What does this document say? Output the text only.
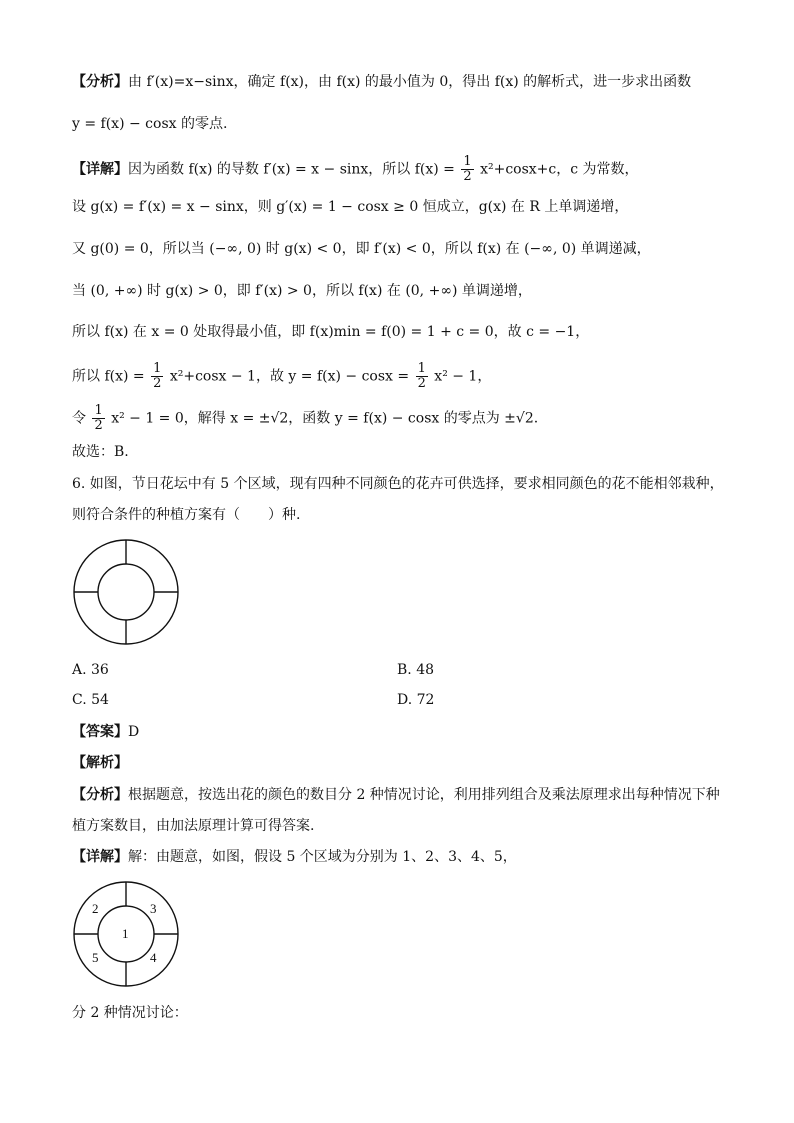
【分析】由 f′(x)=x−sinx，确定 f(x)，由 f(x) 的最小值为 0，得出 f(x) 的解析式，进一步求出函数
y = f(x) − cosx 的零点.
【详解】因为函数 f(x) 的导数 f′(x) = x − sinx，所以 $f(x) = \frac{1}{2} x^2+\cos x+c$，c 为常数，
设 g(x) = f′(x) = x − sinx，则 g′(x) = 1 − cosx ≥ 0 恒成立，g(x) 在 R 上单调递增，
又 g(0) = 0，所以当 (−∞, 0) 时 g(x) < 0，即 f′(x) < 0，所以 f(x) 在 (−∞, 0) 单调递减，
当 (0, +∞) 时 g(x) > 0，即 f′(x) > 0，所以 f(x) 在 (0, +∞) 单调递增，
所以 f(x) 在 x = 0 处取得最小值，即 f(x)min = f(0) = 1 + c = 0，故 c = −1，
所以 $f(x) = \frac{1}{2} x^2+\cos x - 1$，故 $y = f(x) - \cos x = \frac{1}{2} x^2 - 1$，
令 $\frac{1}{2} x^2 - 1 = 0$，解得 x = ±√2，函数 y = f(x) − cosx 的零点为 ±√2.
故选：B.
6. 如图，节日花坛中有 5 个区域，现有四种不同颜色的花卉可供选择，要求相同颜色的花不能相邻栽种，
则符合条件的种植方案有（　　）种.
A. 36	B. 48
C. 54	D. 72
【答案】D
【解析】
【分析】根据题意，按选出花的颜色的数目分 2 种情况讨论，利用排列组合及乘法原理求出每种情况下种
植方案数目，由加法原理计算可得答案.
【详解】解：由题意，如图，假设 5 个区域为分别为 1、2、3、4、5，
1
2	3
4
5
分 2 种情况讨论：
